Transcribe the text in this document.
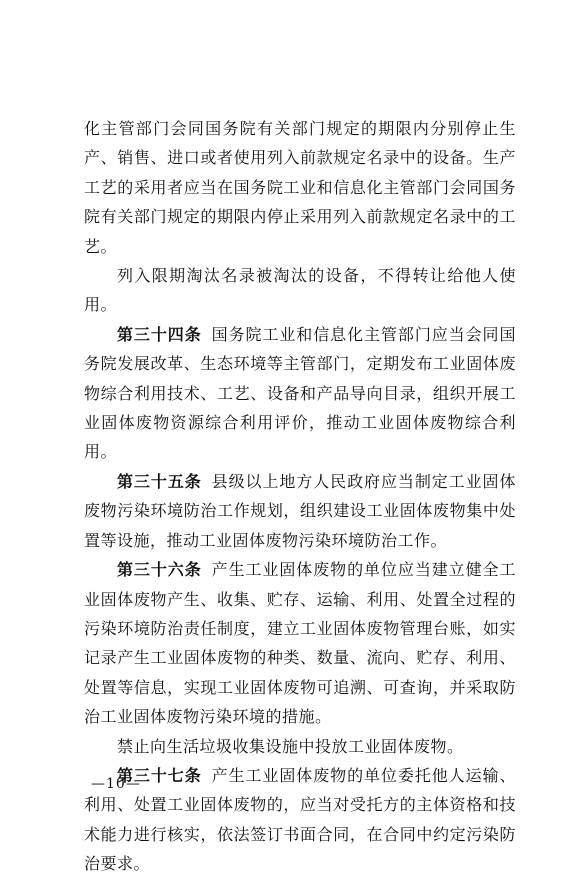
化主管部门会同国务院有关部门规定的期限内分别停止生产、销售、进口或者使用列入前款规定名录中的设备。生产工艺的采用者应当在国务院工业和信息化主管部门会同国务院有关部门规定的期限内停止采用列入前款规定名录中的工艺。

列入限期淘汰名录被淘汰的设备，不得转让给他人使用。

第三十四条 国务院工业和信息化主管部门应当会同国务院发展改革、生态环境等主管部门，定期发布工业固体废物综合利用技术、工艺、设备和产品导向目录，组织开展工业固体废物资源综合利用评价，推动工业固体废物综合利用。

第三十五条 县级以上地方人民政府应当制定工业固体废物污染环境防治工作规划，组织建设工业固体废物集中处置等设施，推动工业固体废物污染环境防治工作。

第三十六条 产生工业固体废物的单位应当建立健全工业固体废物产生、收集、贮存、运输、利用、处置全过程的污染环境防治责任制度，建立工业固体废物管理台账，如实记录产生工业固体废物的种类、数量、流向、贮存、利用、处置等信息，实现工业固体废物可追溯、可查询，并采取防治工业固体废物污染环境的措施。

禁止向生活垃圾收集设施中投放工业固体废物。

第三十七条 产生工业固体废物的单位委托他人运输、利用、处置工业固体废物的，应当对受托方的主体资格和技术能力进行核实，依法签订书面合同，在合同中约定污染防治要求。

—10—
